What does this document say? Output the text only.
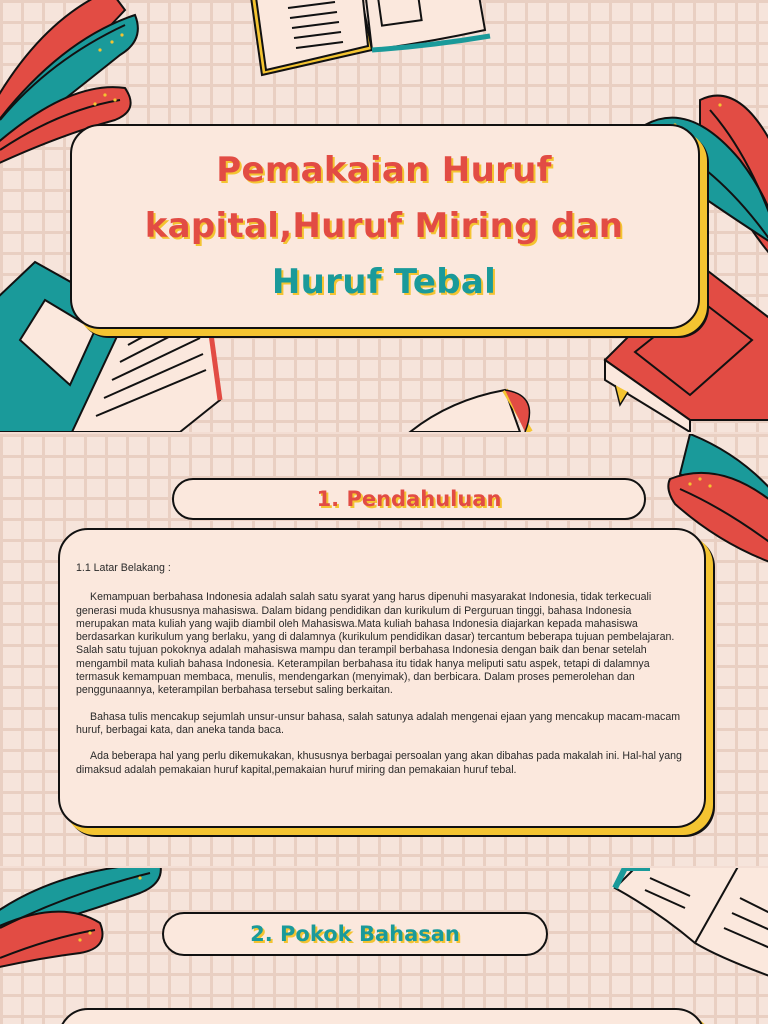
Pemakaian Huruf
kapital,Huruf Miring dan
Huruf Tebal
1. Pendahuluan

1.1 Latar Belakang :

Kemampuan berbahasa Indonesia adalah salah satu syarat yang harus dipenuhi masyarakat Indonesia, tidak terkecuali generasi muda khususnya mahasiswa. Dalam bidang pendidikan dan kurikulum di Perguruan tinggi, bahasa Indonesia merupakan mata kuliah yang wajib diambil oleh Mahasiswa.Mata kuliah bahasa Indonesia diajarkan kepada mahasiswa berdasarkan kurikulum yang berlaku, yang di dalamnya (kurikulum pendidikan dasar) tercantum beberapa tujuan pembelajaran. Salah satu tujuan pokoknya adalah mahasiswa mampu dan terampil berbahasa Indonesia dengan baik dan benar setelah mengambil mata kuliah bahasa Indonesia. Keterampilan berbahasa itu tidak hanya meliputi satu aspek, tetapi di dalamnya termasuk kemampuan membaca, menulis, mendengarkan (menyimak), dan berbicara. Dalam proses pemerolehan dan penggunaannya, keterampilan berbahasa tersebut saling berkaitan.

Bahasa tulis mencakup sejumlah unsur-unsur bahasa, salah satunya adalah mengenai ejaan yang mencakup macam-macam huruf, berbagai kata, dan aneka tanda baca.

Ada beberapa hal yang perlu dikemukakan, khususnya berbagai persoalan yang akan dibahas pada makalah ini. Hal-hal yang dimaksud adalah pemakaian huruf kapital,pemakaian huruf miring dan pemakaian huruf tebal.

2. Pokok Bahasan
